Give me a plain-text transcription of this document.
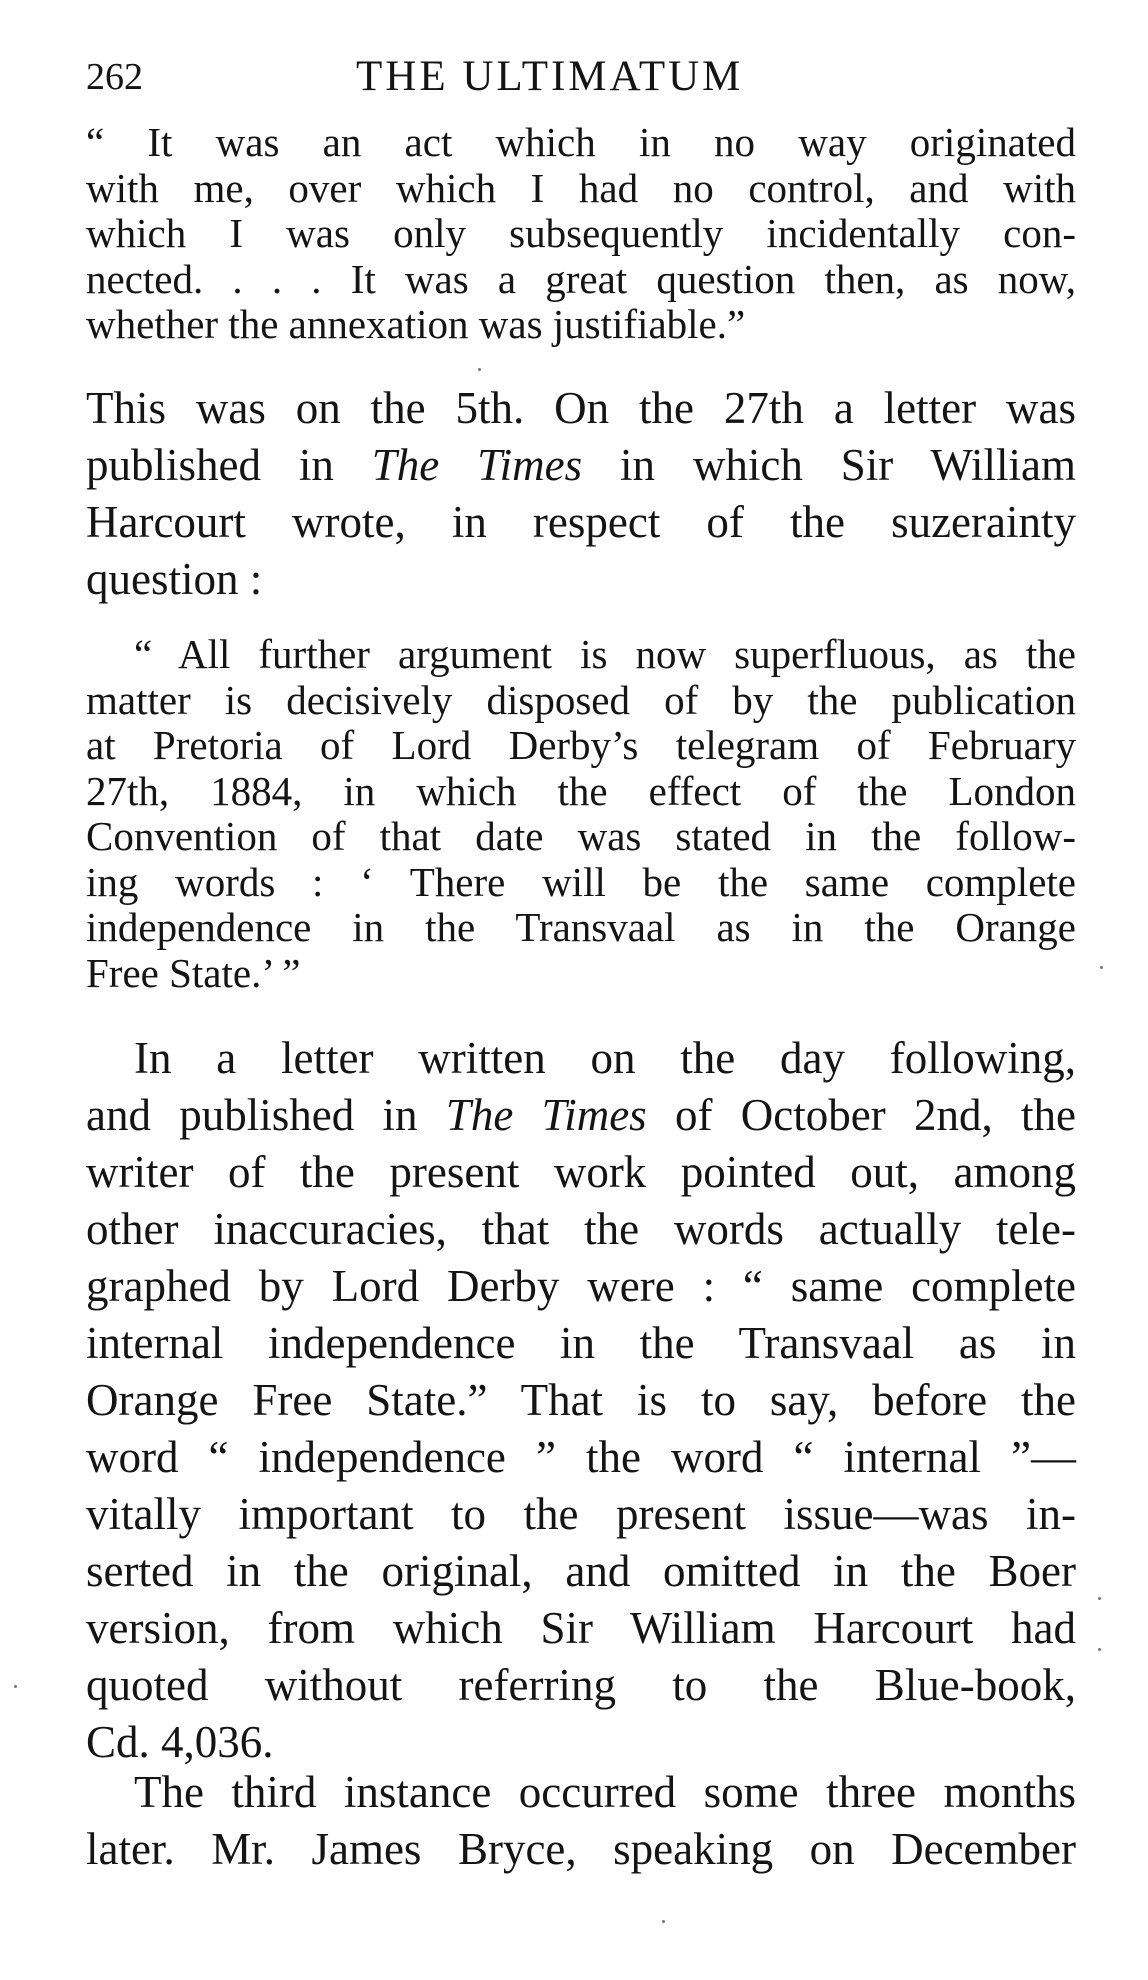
262	THE ULTIMATUM

“ It was an act which in no way originated
with me, over which I had no control, and with
which I was only subsequently incidentally con-
nected. . . . It was a great question then, as now,
whether the annexation was justifiable.”

This was on the 5th. On the 27th a letter was
published in The Times in which Sir William
Harcourt wrote, in respect of the suzerainty
question :

“ All further argument is now superfluous, as the
matter is decisively disposed of by the publication
at Pretoria of Lord Derby’s telegram of February
27th, 1884, in which the effect of the London
Convention of that date was stated in the follow-
ing words : ‘ There will be the same complete
independence in the Transvaal as in the Orange
Free State.’ ”

In a letter written on the day following,
and published in The Times of October 2nd, the
writer of the present work pointed out, among
other inaccuracies, that the words actually tele-
graphed by Lord Derby were : “ same complete
internal independence in the Transvaal as in
Orange Free State.” That is to say, before the
word “ independence ” the word “ internal ”—
vitally important to the present issue—was in-
serted in the original, and omitted in the Boer
version, from which Sir William Harcourt had
quoted without referring to the Blue-book,
Cd. 4,036.

The third instance occurred some three months
later. Mr. James Bryce, speaking on December
